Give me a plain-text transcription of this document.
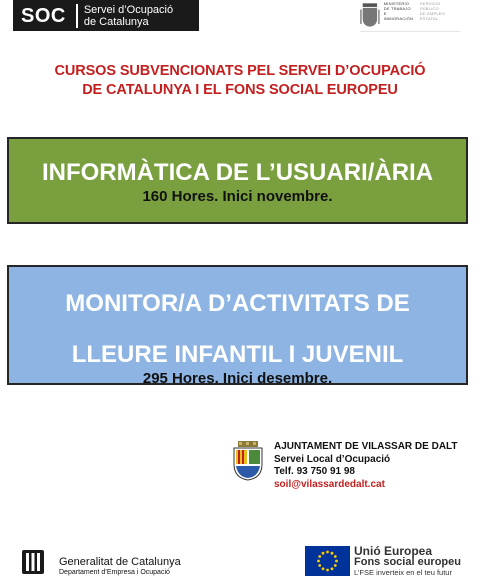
SOC	Servei d’Ocupació
de Catalunya
MINISTERIO
DE TRABAJO
E INMIGRACIÓN
SERVICIO PÚBLICO
DE EMPLEO ESTATAL
CURSOS SUBVENCIONATS PEL SERVEI D’OCUPACIÓ
DE CATALUNYA I EL FONS SOCIAL EUROPEU
INFORMÀTICA DE L’USUARI/ÀRIA
160 Hores. Inici novembre.
MONITOR/A D’ACTIVITATS DE
LLEURE INFANTIL I JUVENIL
295 Hores. Inici desembre.
AJUNTAMENT DE VILASSAR DE DALT
Servei Local d’Ocupació
Telf. 93 750 91 98
soil@vilassardedalt.cat
Generalitat de Catalunya
Departament d’Empresa i Ocupació
Unió Europea
Fons social europeu
L’FSE inverteix en el teu futur
